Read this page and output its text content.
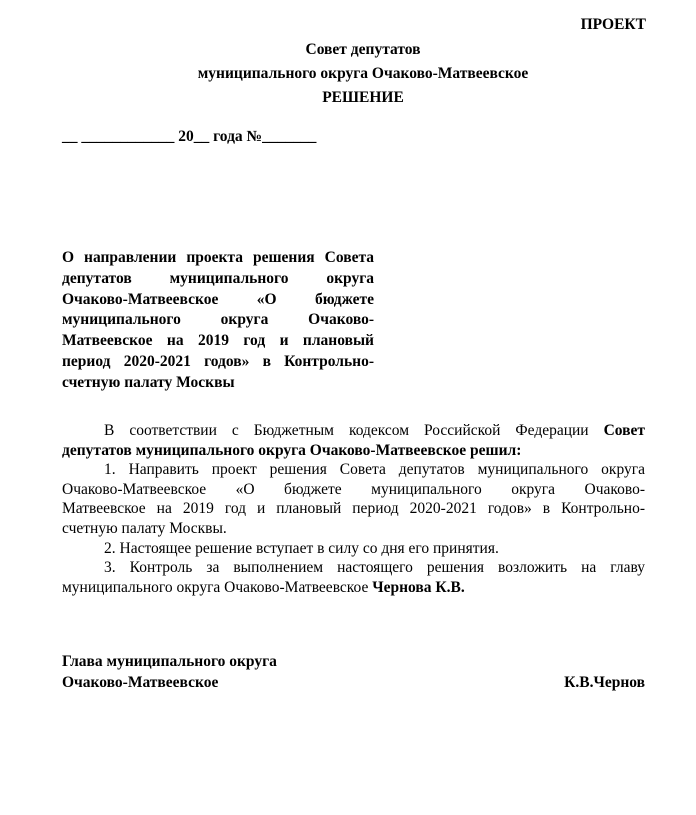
ПРОЕКТ
Совет депутатов
муниципального округа Очаково-Матвеевское
РЕШЕНИЕ
__ ____________ 20__ года №_______
О направлении проекта решения Совета
депутатов муниципального округа
Очаково-Матвеевское «О бюджете
муниципального округа Очаково-
Матвеевское на 2019 год и плановый
период 2020-2021 годов» в Контрольно-
счетную палату Москвы
В соответствии с Бюджетным кодексом Российской Федерации Совет
депутатов муниципального округа Очаково-Матвеевское решил:
1. Направить проект решения Совета депутатов муниципального округа
Очаково-Матвеевское «О бюджете муниципального округа Очаково-
Матвеевское на 2019 год и плановый период 2020-2021 годов» в Контрольно-
счетную палату Москвы.
2. Настоящее решение вступает в силу со дня его принятия.
3. Контроль за выполнением настоящего решения возложить на главу
муниципального округа Очаково-Матвеевское Чернова К.В.
Глава муниципального округа
Очаково-Матвеевское	К.В.Чернов
